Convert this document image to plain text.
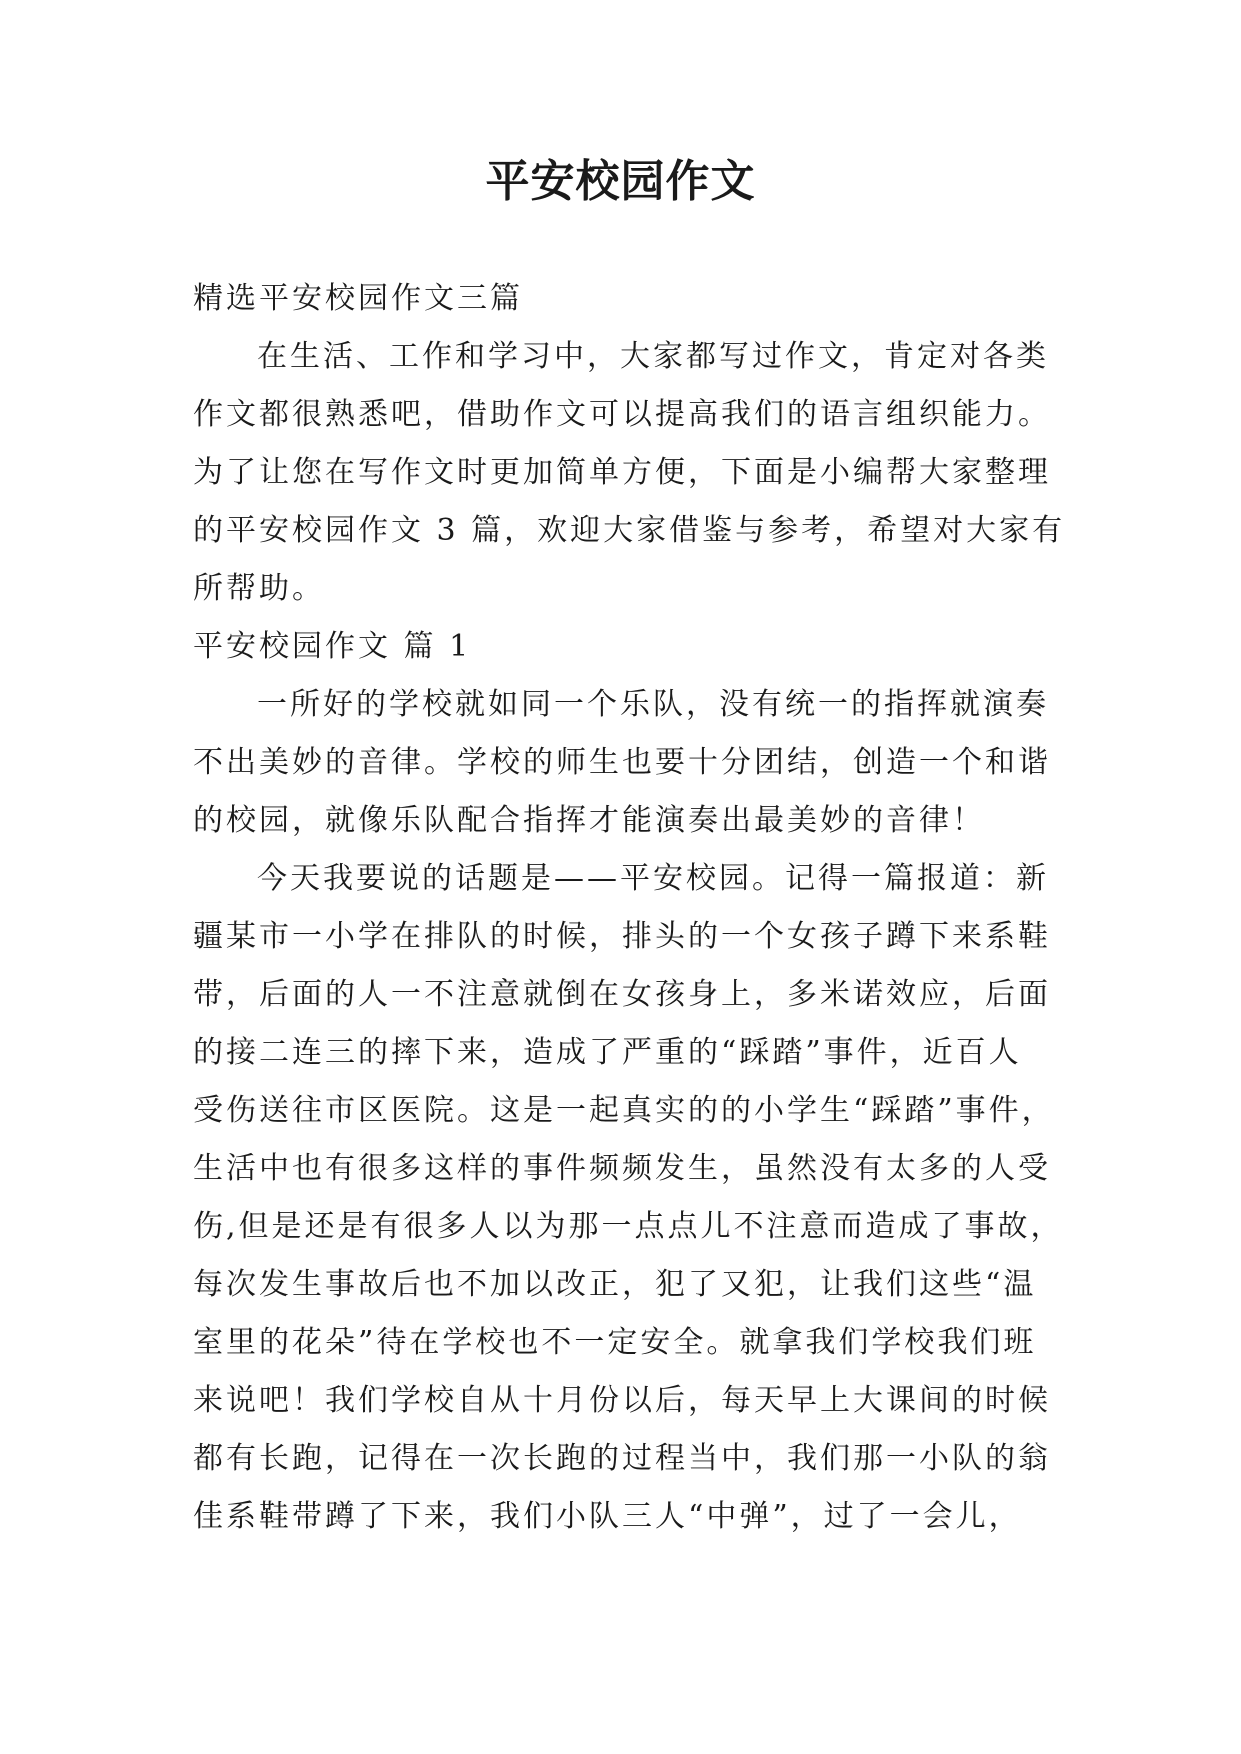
平安校园作文
精选平安校园作文三篇
在生活、工作和学习中，大家都写过作文，肯定对各类
作文都很熟悉吧，借助作文可以提高我们的语言组织能力。
为了让您在写作文时更加简单方便，下面是小编帮大家整理
的平安校园作文 3 篇，欢迎大家借鉴与参考，希望对大家有
所帮助。
平安校园作文 篇 1
一所好的学校就如同一个乐队，没有统一的指挥就演奏
不出美妙的音律。学校的师生也要十分团结，创造一个和谐
的校园，就像乐队配合指挥才能演奏出最美妙的音律！
今天我要说的话题是——平安校园。记得一篇报道：新
疆某市一小学在排队的时候，排头的一个女孩子蹲下来系鞋
带，后面的人一不注意就倒在女孩身上，多米诺效应，后面
的接二连三的摔下来，造成了严重的“踩踏”事件，近百人
受伤送往市区医院。这是一起真实的的小学生“踩踏”事件，
生活中也有很多这样的事件频频发生，虽然没有太多的人受
伤,但是还是有很多人以为那一点点儿不注意而造成了事故，
每次发生事故后也不加以改正，犯了又犯，让我们这些“温
室里的花朵”待在学校也不一定安全。就拿我们学校我们班
来说吧！我们学校自从十月份以后，每天早上大课间的时候
都有长跑，记得在一次长跑的过程当中，我们那一小队的翁
佳系鞋带蹲了下来，我们小队三人“中弹”，过了一会儿，
